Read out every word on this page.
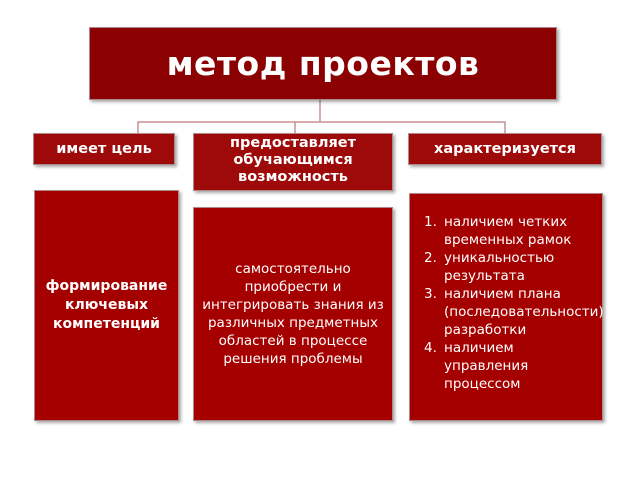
метод проектов
имеет цель	предоставляет обучающимся возможность
характеризуется
формирование ключевых компетенций
самостоятельно приобрести и интегрировать знания из различных предметных областей в процессе решения проблемы
1. наличием четких временных рамок
2. уникальностью результата
3. наличием плана (последовательности) разработки
4. наличием управления процессом
